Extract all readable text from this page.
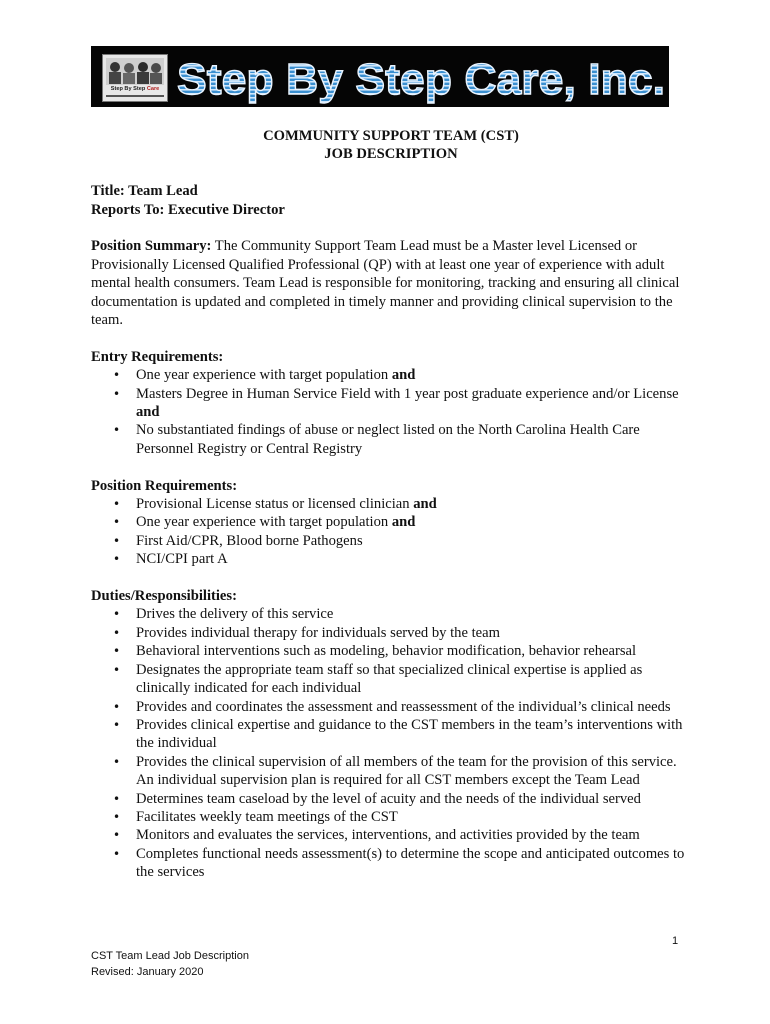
Step By Step Care Step By Step Care, Inc.
COMMUNITY SUPPORT TEAM (CST)
JOB DESCRIPTION
Title: Team Lead
Reports To: Executive Director
Position Summary: The Community Support Team Lead must be a Master level Licensed or Provisionally Licensed Qualified Professional (QP) with at least one year of experience with adult mental health consumers. Team Lead is responsible for monitoring, tracking and ensuring all clinical documentation is updated and completed in timely manner and providing clinical supervision to the team.
Entry Requirements:
• One year experience with target population and
• Masters Degree in Human Service Field with 1 year post graduate experience and/or License and
• No substantiated findings of abuse or neglect listed on the North Carolina Health Care Personnel Registry or Central Registry
Position Requirements:
• Provisional License status or licensed clinician and
• One year experience with target population and
• First Aid/CPR, Blood borne Pathogens
• NCI/CPI part A
Duties/Responsibilities:
• Drives the delivery of this service
• Provides individual therapy for individuals served by the team
• Behavioral interventions such as modeling, behavior modification, behavior rehearsal
• Designates the appropriate team staff so that specialized clinical expertise is applied as clinically indicated for each individual
• Provides and coordinates the assessment and reassessment of the individual’s clinical needs
• Provides clinical expertise and guidance to the CST members in the team’s interventions with the individual
• Provides the clinical supervision of all members of the team for the provision of this service. An individual supervision plan is required for all CST members except the Team Lead
• Determines team caseload by the level of acuity and the needs of the individual served
• Facilitates weekly team meetings of the CST
• Monitors and evaluates the services, interventions, and activities provided by the team
• Completes functional needs assessment(s) to determine the scope and anticipated outcomes to the services
1
CST Team Lead Job Description
Revised: January 2020
